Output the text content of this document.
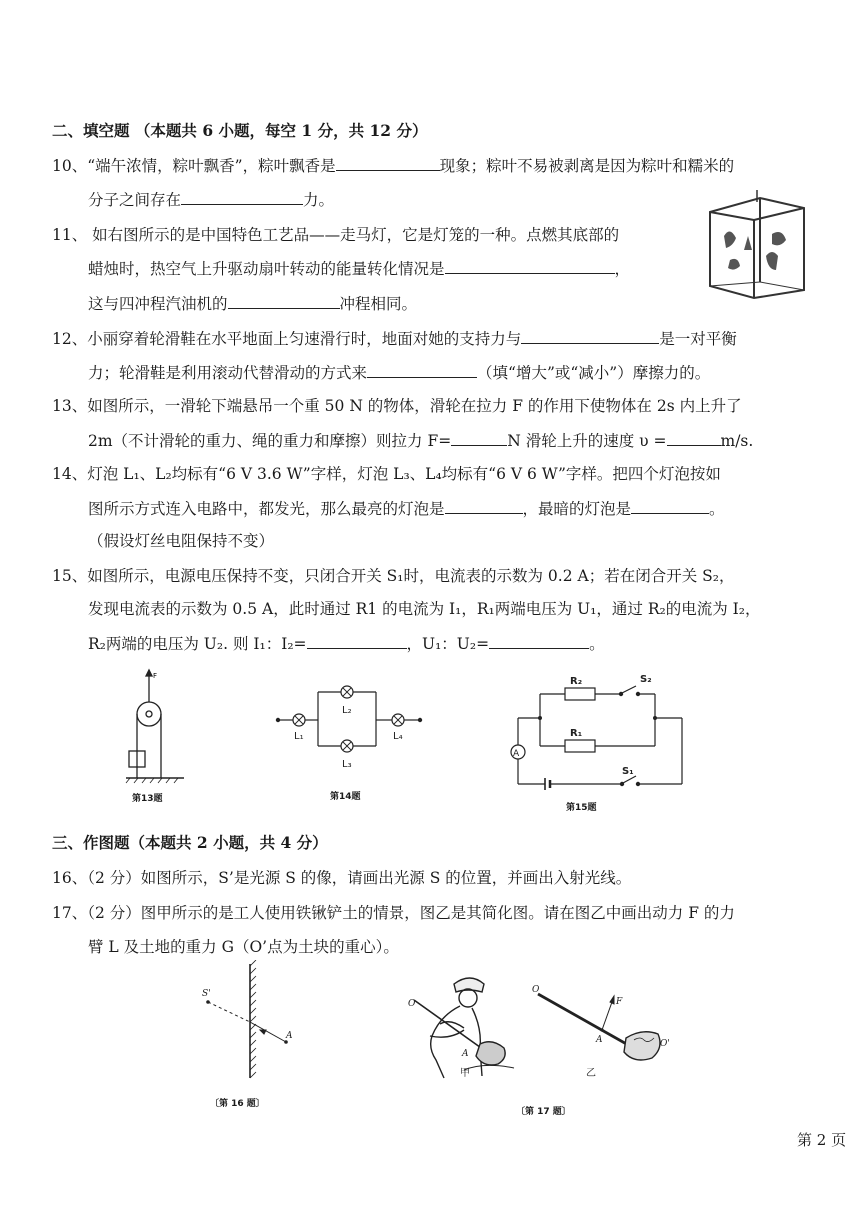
二、填空题 （本题共 6 小题，每空 1 分，共 12 分）
10、“端午浓情，粽叶飘香”，粽叶飘香是	现象；粽叶不易被剥离是因为粽叶和糯米的
分子之间存在	力。
11、 如右图所示的是中国特色工艺品——走马灯，它是灯笼的一种。点燃其底部的
蜡烛时，热空气上升驱动扇叶转动的能量转化情况是	，
这与四冲程汽油机的	冲程相同。
12、小丽穿着轮滑鞋在水平地面上匀速滑行时，地面对她的支持力与	是一对平衡
力；轮滑鞋是利用滚动代替滑动的方式来	（填“增大”或“减小”）摩擦力的。
13、如图所示，一滑轮下端悬吊一个重 50 N 的物体，滑轮在拉力 F 的作用下使物体在 2s 内上升了
2m（不计滑轮的重力、绳的重力和摩擦）则拉力 F=	N 滑轮上升的速度 υ =	m/s.
14、灯泡 L₁、L₂均标有“6 V 3.6 W”字样，灯泡 L₃、L₄均标有“6 V 6 W”字样。把四个灯泡按如
图所示方式连入电路中，都发光，那么最亮的灯泡是	，最暗的灯泡是	。
（假设灯丝电阻保持不变）
15、如图所示，电源电压保持不变，只闭合开关 S₁时，电流表的示数为 0.2 A；若在闭合开关 S₂，
发现电流表的示数为 0.5 A，此时通过 R1 的电流为 I₁，R₁两端电压为 U₁，通过 R₂的电流为 I₂，
R₂两端的电压为 U₂. 则 I₁：I₂=	，U₁：U₂=	。
F
第13题
L₁
L₂
L₃
L₄
第14题
R₂
R₁
S₂
S₁
A
第15题
三、作图题（本题共 2 小题，共 4 分）
16、（2 分）如图所示，S’是光源 S 的像，请画出光源 S 的位置，并画出入射光线。
17、（2 分）图甲所示的是工人使用铁锹铲土的情景，图乙是其简化图。请在图乙中画出动力 F 的力
臂 L 及土地的重力 G（O’点为土块的重心）。
S'
A
〔第 16 题〕
O
A
甲
O
A
F
O'
乙
〔第 17 题〕
第 2 页
